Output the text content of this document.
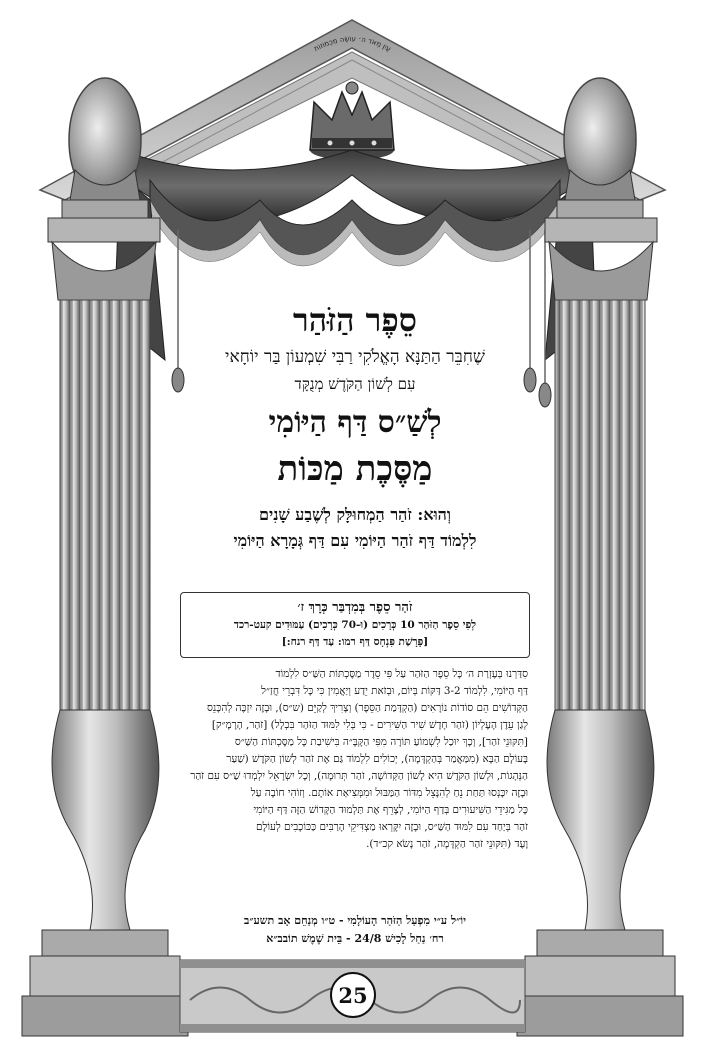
עַיִן מְאֹד ה׳ עוֹשֶׂה מִכְמוֹזוֹת

סֵפֶר הַזֹּהַר

שֶׁחִבֵּר הַתַּנָּא הָאֱלֹקִי רַבִּי שִׁמְעוֹן בַּר יוֹחָאי

עִם לְשׁוֹן הַקֹּדֶשׁ מְנֻקָּד

לְשַׁ״ס דַּף הַיּוֹמִי

מַסֶּכֶת מַכּוֹת

וְהוּא: זֹהַר הַמְחוּלָּק לְשֶׁבַע שָׁנִים

לִלְמוֹד דַּף זֹהַר הַיּוֹמִי עִם דַּף גְּמָרָא הַיּוֹמִי

זֹהַר סֵפֶר בְּמִדְבַּר כְּרָךְ ז׳
לְפִי סֵפֶר הַזֹּהַר 10 כְּרָכִים (וּ-70 כְּרָכִים) עַמּוּדִים קעט-רכד
[פָּרָשַׁת פִּנְחָס דַּף רמו: עַד דַּף רנח:]
סִדַּרְנוּ בְּעֶזְרַת ה׳ כָּל סֵפֶר הַזֹּהַר עַל פִּי סֵדֶר מַסֶּכְתּוֹת הַשַּׁ״ס לִלְמוֹד
דַּף הַיּוֹמִי, לִלְמוֹד 3-2 דַּקּוֹת בְּיוֹם, וּבְזֹאת יֵדַע וְיַאֲמִין כִּי כָּל דִּבְרֵי חֲזַ״ל
הַקְּדוֹשִׁים הֵם סוֹדוֹת נוֹרָאִים (הַקְדָּמַת הַסֵּפֶר) וְצָרִיךְ לְקַיֵּם (ש״ס), וּבָזֶה יִזְכֶּה לְהִכָּנֵס
לְגַן עֵדֶן הָעֶלְיוֹן (זֹהַר חָדָשׁ שִׁיר הַשִּׁירִים - כִּי בְּלִי לִמּוּד הַזֹּהַר בִּכְלָל) [זֹהַר, הָרָמָ״ק]
[תִּקּוּנֵי זֹהַר], וְכָךְ יוּכַל לִשְׁמוֹעַ תּוֹרָה מִפִּי הַקָּבָּ״ה בִּישִׁיבַת כָּל מַסֶּכְתּוֹת הַשַּׁ״ס
בָּעוֹלָם הַבָּא (מִמַּאֲמַר בְּהַקְדָּמָה), יְכוֹלִים לִלְמוֹד גַּם אֶת זֹהַר לְשׁוֹן הַקֹּדֶשׁ (שַׁעַר
הַנְּהָגוֹת, וּלְשׁוֹן הַקֹּדֶשׁ הִיא לָשׁוֹן הַקְּדוֹשָׁה, זֹהַר תְּרוּמָה), וְכָל יִשְׂרָאֵל יִלְמְדוּ שַׁ״ס עִם זֹהַר
וּבָזֶה יִכָּנְסוּ תַּחַת נֵחַ לְהִנָּצֵל מִדּוֹר הַמַּבּוּל וּמִמְּצִיאַת אוֹתָם. וְזוֹהִי חוֹבָה עַל
כָּל מַגִּידֵי הַשִּׁיעוּרִים בְּדַף הַיּוֹמִי, לְצָרֵף אֶת תַּלְמוּד הַקָּדוֹשׁ הַזֶּה דַּף הַיּוֹמִי
זֹהַר בְּיַחַד עִם לִמּוּד הַשַּׁ״ס, וּבָזֶה יִקָּרְאוּ מַצְדִּיקֵי הָרַבִּים כַּכּוֹכָבִים לְעוֹלָם
וָעֶד (תִּקּוּנֵי זֹהַר הַקְדָּמָה, זֹהַר נָשֹׂא קכ״ד).
יוֹ״ל ע״י מִפְעַל הַזֹּהַר הָעוֹלָמִי - ט״ו מְנַחֵם אָב תשע״ב
רח׳ נַחַל לָכִישׁ 24/8 - בֵּית שֶׁמֶשׁ תוֹבב״א
25
